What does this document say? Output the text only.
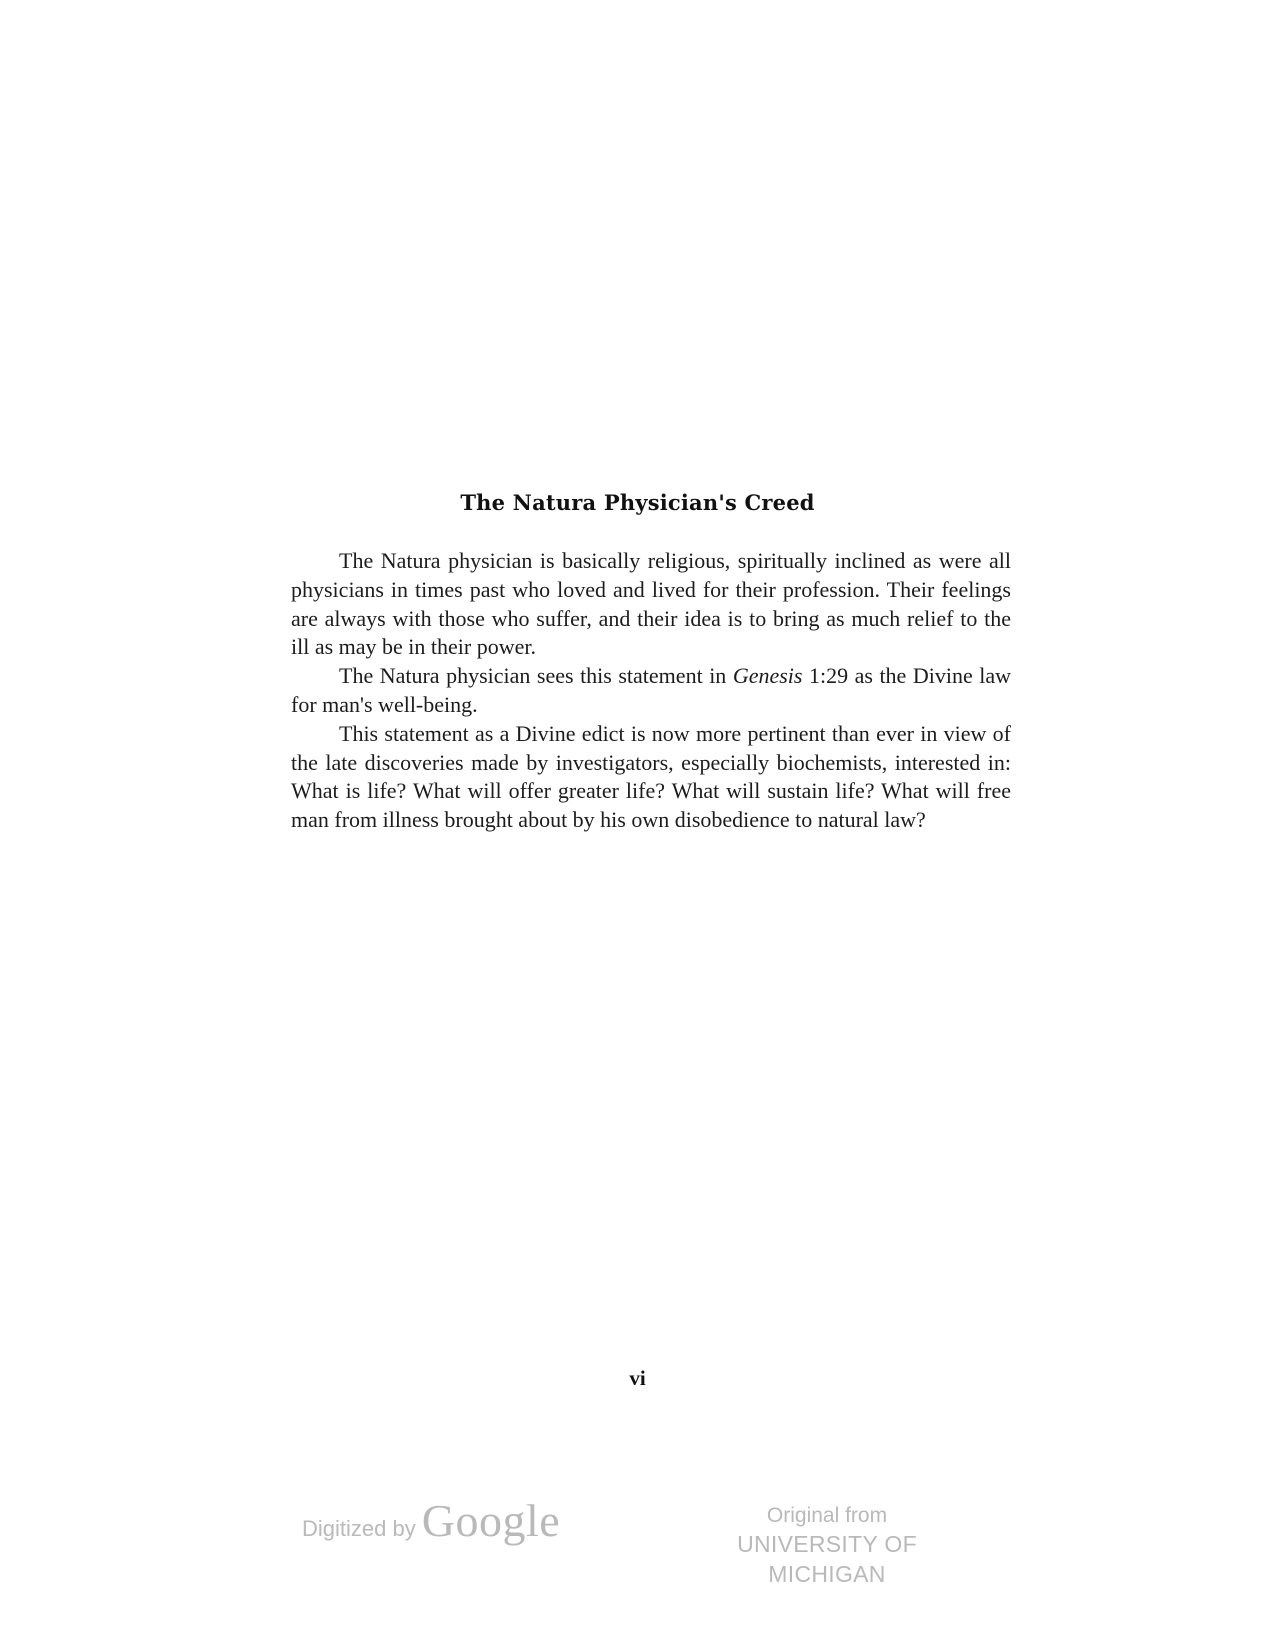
The Natura Physician's Creed

The Natura physician is basically religious, spiritually inclined as were all physicians in times past who loved and lived for their profession. Their feelings are always with those who suffer, and their idea is to bring as much relief to the ill as may be in their power.

The Natura physician sees this statement in Genesis 1:29 as the Divine law for man's well-being.

This statement as a Divine edict is now more pertinent than ever in view of the late discoveries made by investigators, especially biochemists, interested in: What is life? What will offer greater life? What will sustain life? What will free man from illness brought about by his own disobedience to natural law?

vi
Digitized by Google	Original from
UNIVERSITY OF MICHIGAN
